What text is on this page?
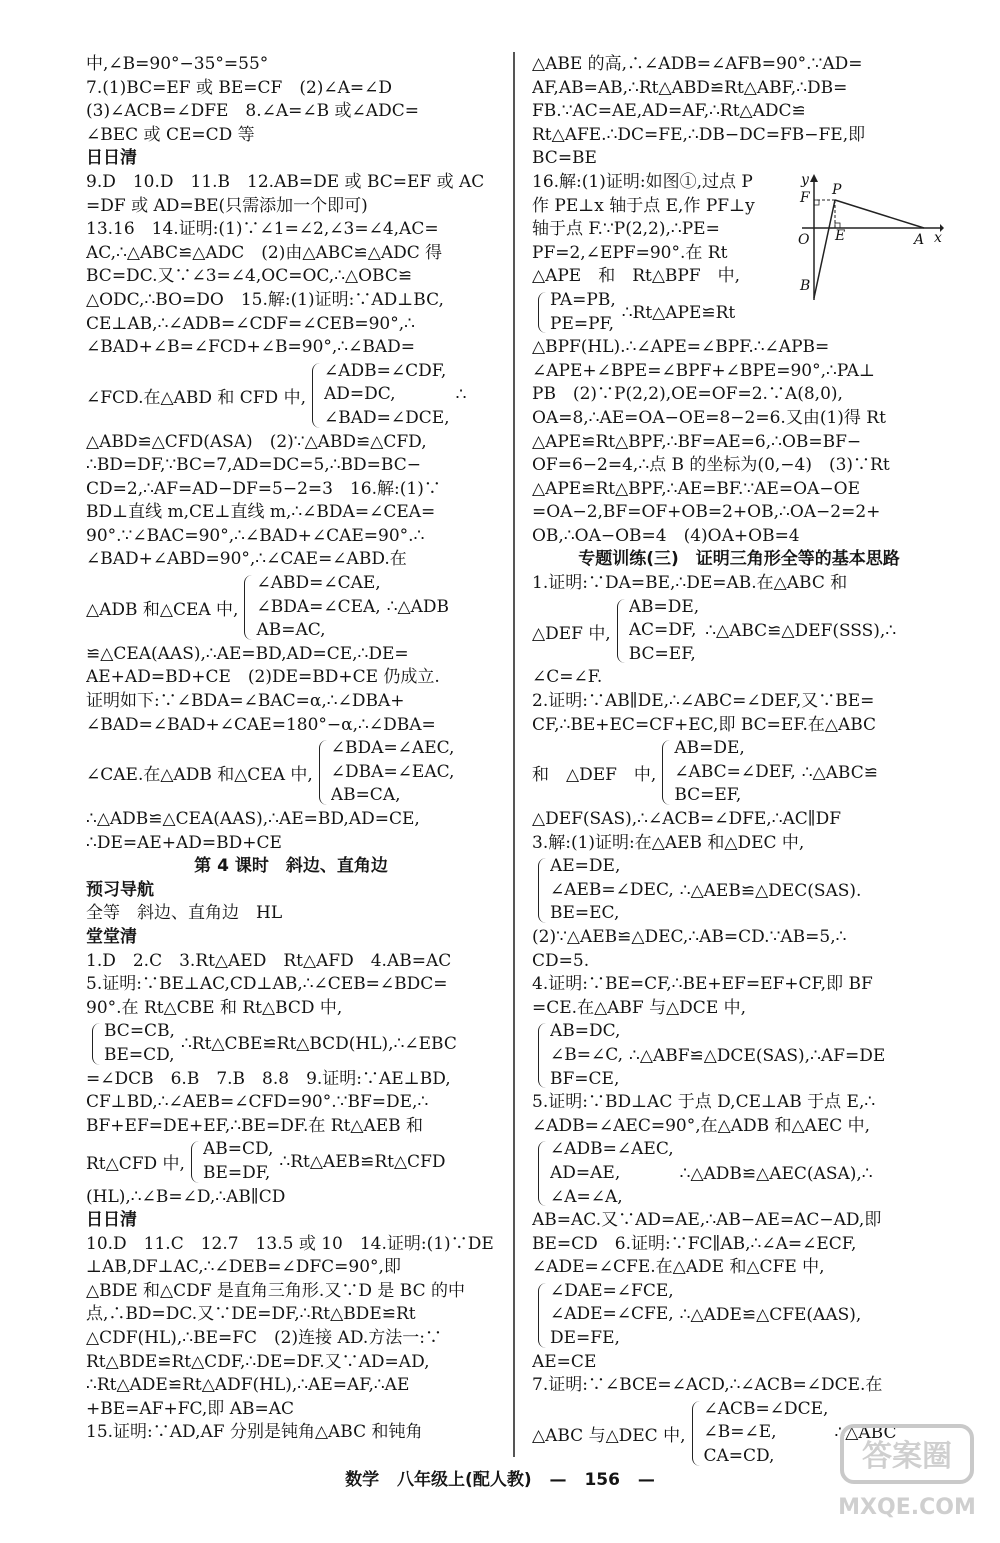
中,∠B=90°−35°=55°
7.(1)BC=EF 或 BE=CF　(2)∠A=∠D
(3)∠ACB=∠DFE　8.∠A=∠B 或∠ADC=
∠BEC 或 CE=CD 等
日日清
9.D　10.D　11.B　12.AB=DE 或 BC=EF 或 AC
=DF 或 AD=BE(只需添加一个即可)
13.16　14.证明:(1)∵∠1=∠2,∠3=∠4,AC=
AC,∴△ABC≌△ADC　(2)由△ABC≌△ADC 得
BC=DC.又∵∠3=∠4,OC=OC,∴△OBC≌
△ODC,∴BO=DO　15.解:(1)证明:∵AD⊥BC,
CE⊥AB,∴∠ADB=∠CDF=∠CEB=90°,∴
∠BAD+∠B=∠FCD+∠B=90°,∴∠BAD=
∠FCD.在△ABD 和 CFD 中,
∠ADB=∠CDF,
AD=DC,
∠BAD=∠DCE,
∴
△ABD≌△CFD(ASA)　(2)∵△ABD≌△CFD,
∴BD=DF,∵BC=7,AD=DC=5,∴BD=BC−
CD=2,∴AF=AD−DF=5−2=3　16.解:(1)∵
BD⊥直线 m,CE⊥直线 m,∴∠BDA=∠CEA=
90°.∵∠BAC=90°,∴∠BAD+∠CAE=90°.∴
∠BAD+∠ABD=90°,∴∠CAE=∠ABD.在
△ADB 和△CEA 中,
∠ABD=∠CAE,
∠BDA=∠CEA,
AB=AC,
∴△ADB
≌△CEA(AAS),∴AE=BD,AD=CE,∴DE=
AE+AD=BD+CE　(2)DE=BD+CE 仍成立.
证明如下:∵∠BDA=∠BAC=α,∴∠DBA+
∠BAD=∠BAD+∠CAE=180°−α,∴∠DBA=
∠CAE.在△ADB 和△CEA 中,
∠BDA=∠AEC,
∠DBA=∠EAC,
AB=CA,
∴△ADB≌△CEA(AAS),∴AE=BD,AD=CE,
∴DE=AE+AD=BD+CE
第 4 课时　斜边、直角边
预习导航
全等　斜边、直角边　HL
堂堂清
1.D　2.C　3.Rt△AED　Rt△AFD　4.AB=AC
5.证明:∵BE⊥AC,CD⊥AB,∴∠CEB=∠BDC=
90°.在 Rt△CBE 和 Rt△BCD 中,
BC=CB,
BE=CD,
∴Rt△CBE≌Rt△BCD(HL),∴∠EBC
=∠DCB　6.B　7.B　8.8　9.证明:∵AE⊥BD,
CF⊥BD,∴∠AEB=∠CFD=90°.∵BF=DE,∴
BF+EF=DE+EF,∴BE=DF.在 Rt△AEB 和
Rt△CFD 中,
AB=CD,
BE=DF,
∴Rt△AEB≌Rt△CFD
(HL),∴∠B=∠D,∴AB∥CD
日日清
10.D　11.C　12.7　13.5 或 10　14.证明:(1)∵DE
⊥AB,DF⊥AC,∴∠DEB=∠DFC=90°,即
△BDE 和△CDF 是直角三角形.又∵D 是 BC 的中
点,∴BD=DC.又∵DE=DF,∴Rt△BDE≌Rt
△CDF(HL),∴BE=FC　(2)连接 AD.方法一:∵
Rt△BDE≌Rt△CDF,∴DE=DF.又∵AD=AD,
∴Rt△ADE≌Rt△ADF(HL),∴AE=AF,∴AE
+BE=AF+FC,即 AB=AC
15.证明:∵AD,AF 分别是钝角△ABC 和钝角
△ABE 的高,∴∠ADB=∠AFB=90°.∵AD=
AF,AB=AB,∴Rt△ABD≌Rt△ABF,∴DB=
FB.∵AC=AE,AD=AF,∴Rt△ADC≌
Rt△AFE.∴DC=FE,∴DB−DC=FB−FE,即
BC=BE
16.解:(1)证明:如图①,过点 P
作 PE⊥x 轴于点 E,作 PF⊥y
轴于点 F.∵P(2,2),∴PE=
PF=2,∠EPF=90°.在 Rt
△APE　和　Rt△BPF　中,
PA=PB,
PE=PF,
∴Rt△APE≌Rt
△BPF(HL).∴∠APE=∠BPF.∴∠APB=
∠APE+∠BPE=∠BPF+∠BPE=90°,∴PA⊥
PB　(2)∵P(2,2),OE=OF=2.∵A(8,0),
OA=8,∴AE=OA−OE=8−2=6.又由(1)得 Rt
△APE≌Rt△BPF,∴BF=AE=6,∴OB=BF−
OF=6−2=4,∴点 B 的坐标为(0,−4)　(3)∵Rt
△APE≌Rt△BPF,∴AE=BF.∵AE=OA−OE
=OA−2,BF=OF+OB=2+OB,∴OA−2=2+
OB,∴OA−OB=4　(4)OA+OB=4
专题训练(三)　证明三角形全等的基本思路
1.证明:∵DA=BE,∴DE=AB.在△ABC 和
△DEF 中,
AB=DE,
AC=DF,
BC=EF,
∴△ABC≌△DEF(SSS),∴
∠C=∠F.
2.证明:∵AB∥DE,∴∠ABC=∠DEF,又∵BE=
CF,∴BE+EC=CF+EC,即 BC=EF.在△ABC
和　△DEF　中,
AB=DE,
∠ABC=∠DEF,
BC=EF,
∴△ABC≌
△DEF(SAS),∴∠ACB=∠DFE,∴AC∥DF
3.解:(1)证明:在△AEB 和△DEC 中,
AE=DE,
∠AEB=∠DEC,
BE=EC,
∴△AEB≌△DEC(SAS).
(2)∵△AEB≌△DEC,∴AB=CD.∵AB=5,∴
CD=5.
4.证明:∵BE=CF,∴BE+EF=EF+CF,即 BF
=CE.在△ABF 与△DCE 中,
AB=DC,
∠B=∠C,
BF=CE,
∴△ABF≌△DCE(SAS),∴AF=DE
5.证明:∵BD⊥AC 于点 D,CE⊥AB 于点 E,∴
∠ADB=∠AEC=90°,在△ADB 和△AEC 中,
∠ADB=∠AEC,
AD=AE,
∠A=∠A,
∴△ADB≌△AEC(ASA),∴
AB=AC.又∵AD=AE,∴AB−AE=AC−AD,即
BE=CD　6.证明:∵FC∥AB,∴∠A=∠ECF,
∠ADE=∠CFE.在△ADE 和△CFE 中,
∠DAE=∠FCE,
∠ADE=∠CFE,
DE=FE,
∴△ADE≌△CFE(AAS),
AE=CE
7.证明:∵∠BCE=∠ACD,∴∠ACB=∠DCE.在
△ABC 与△DEC 中,
∠ACB=∠DCE,
∠B=∠E,
CA=CD,
∴△ABC
y
x
P
F
O E	A
B
数学 八年级上(配人教) — 156 —
答案圈
MXQE.COM
